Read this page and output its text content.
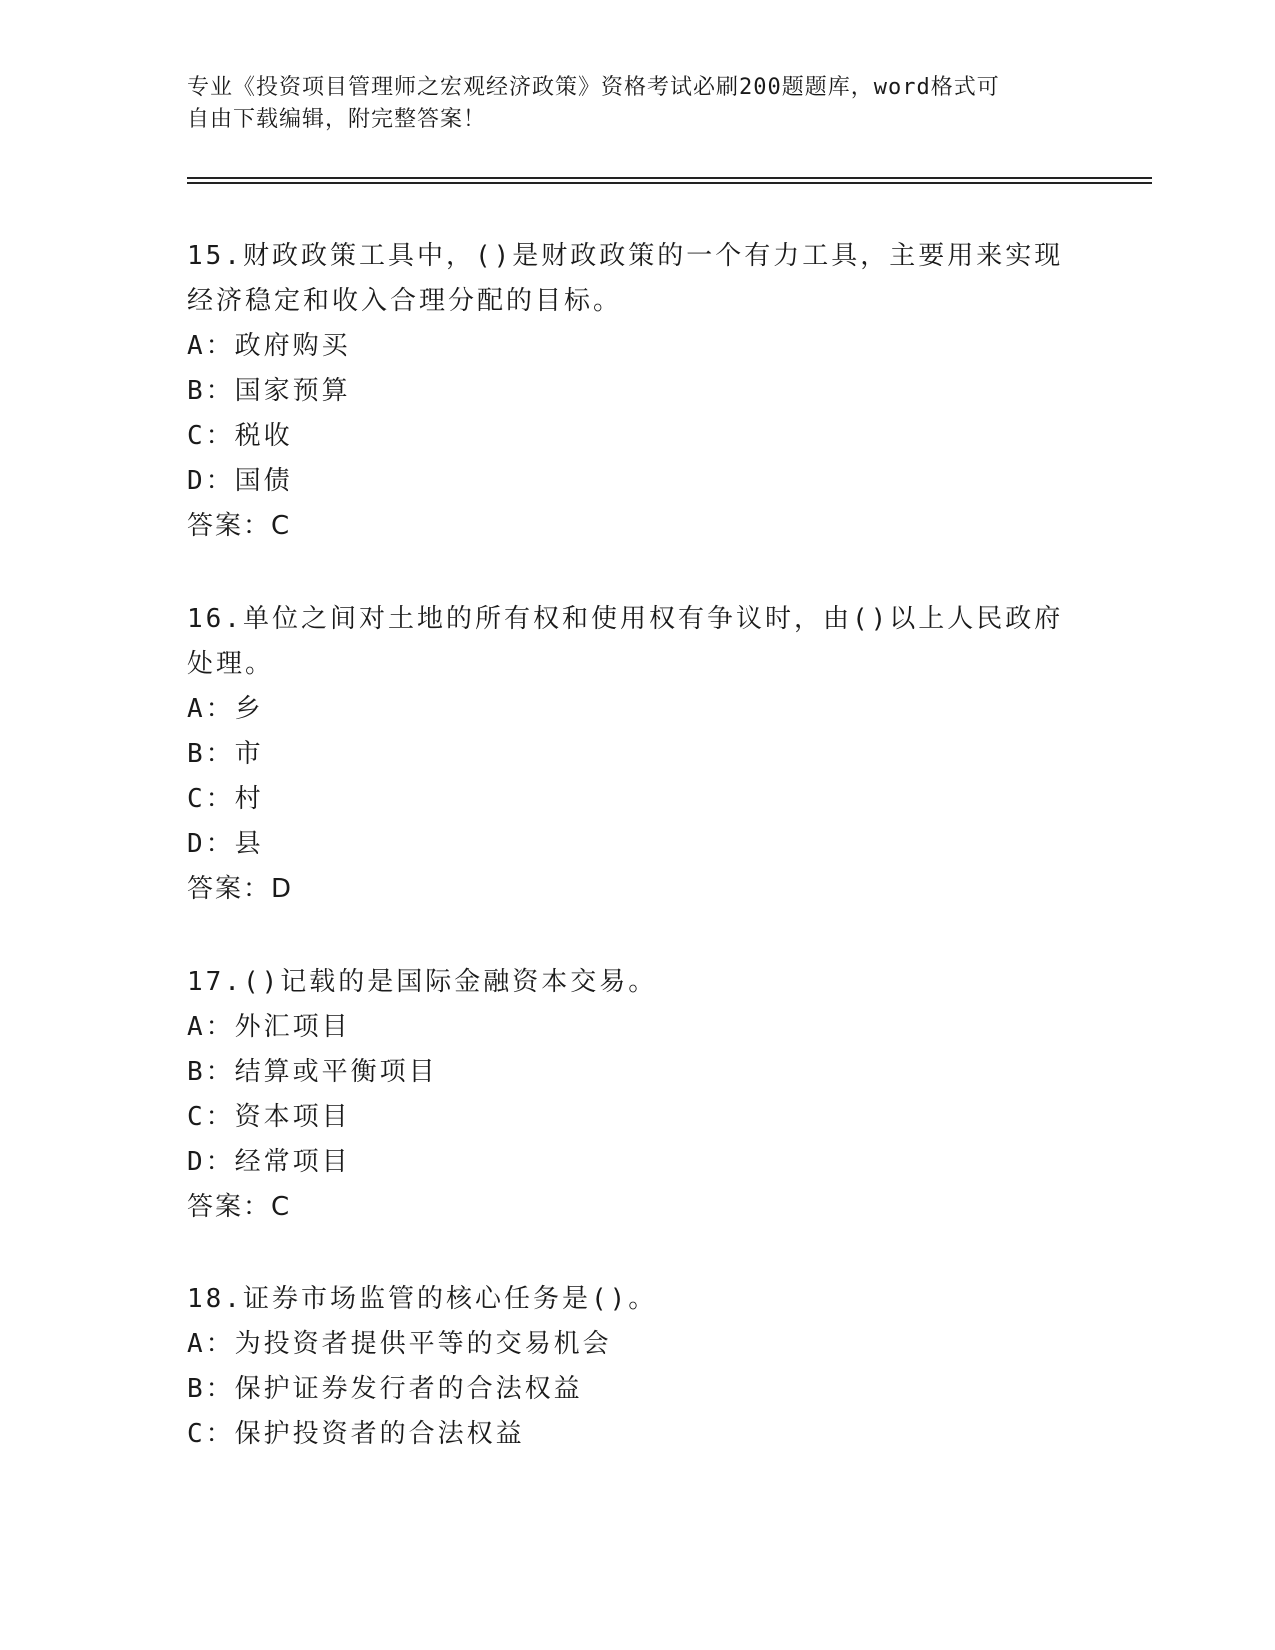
专业《投资项目管理师之宏观经济政策》资格考试必刷200题题库，word格式可
自由下载编辑，附完整答案！
15.财政政策工具中，()是财政政策的一个有力工具，主要用来实现经济稳定和收入合理分配的目标。
A：政府购买
B：国家预算
C：税收
D：国债
答案：C
16.单位之间对土地的所有权和使用权有争议时，由()以上人民政府处理。
A：乡
B：市
C：村
D：县
答案：D
17.()记载的是国际金融资本交易。
A：外汇项目
B：结算或平衡项目
C：资本项目
D：经常项目
答案：C
18.证券市场监管的核心任务是()。
A：为投资者提供平等的交易机会
B：保护证券发行者的合法权益
C：保护投资者的合法权益
